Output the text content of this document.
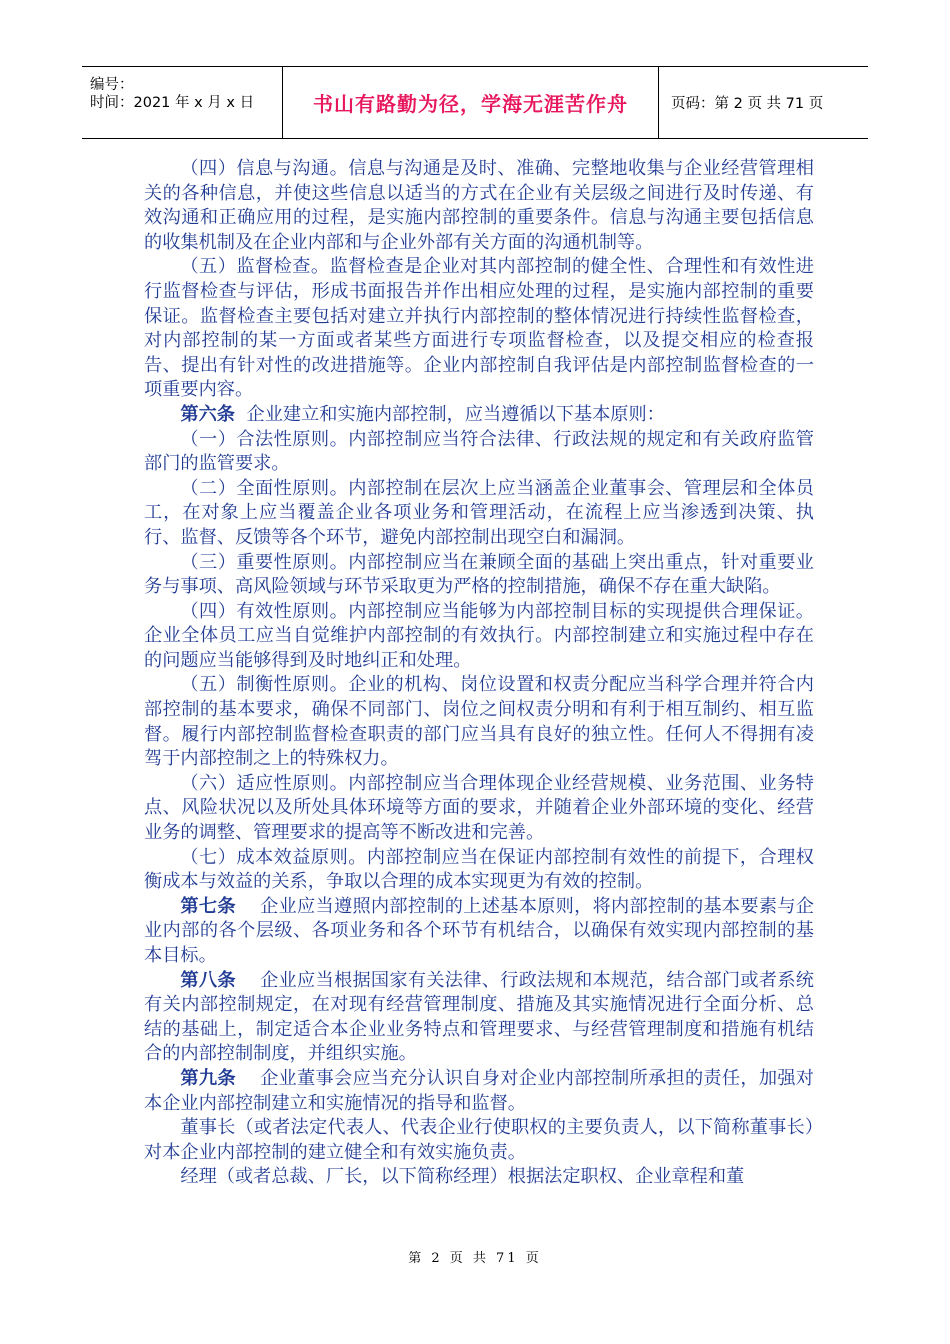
编号：
时间：2021 年 x 月 x 日	书山有路勤为径，学海无涯苦作舟	页码：第 2 页 共 71 页

（四）信息与沟通。信息与沟通是及时、准确、完整地收集与企业经营管理相关的各种信息，并使这些信息以适当的方式在企业有关层级之间进行及时传递、有效沟通和正确应用的过程，是实施内部控制的重要条件。信息与沟通主要包括信息的收集机制及在企业内部和与企业外部有关方面的沟通机制等。

（五）监督检查。监督检查是企业对其内部控制的健全性、合理性和有效性进行监督检查与评估，形成书面报告并作出相应处理的过程，是实施内部控制的重要保证。监督检查主要包括对建立并执行内部控制的整体情况进行持续性监督检查，对内部控制的某一方面或者某些方面进行专项监督检查，以及提交相应的检查报告、提出有针对性的改进措施等。企业内部控制自我评估是内部控制监督检查的一项重要内容。

第六条  企业建立和实施内部控制，应当遵循以下基本原则：

（一）合法性原则。内部控制应当符合法律、行政法规的规定和有关政府监管部门的监管要求。

（二）全面性原则。内部控制在层次上应当涵盖企业董事会、管理层和全体员工，在对象上应当覆盖企业各项业务和管理活动，在流程上应当渗透到决策、执行、监督、反馈等各个环节，避免内部控制出现空白和漏洞。

（三）重要性原则。内部控制应当在兼顾全面的基础上突出重点，针对重要业务与事项、高风险领域与环节采取更为严格的控制措施，确保不存在重大缺陷。

（四）有效性原则。内部控制应当能够为内部控制目标的实现提供合理保证。企业全体员工应当自觉维护内部控制的有效执行。内部控制建立和实施过程中存在的问题应当能够得到及时地纠正和处理。

（五）制衡性原则。企业的机构、岗位设置和权责分配应当科学合理并符合内部控制的基本要求，确保不同部门、岗位之间权责分明和有利于相互制约、相互监督。履行内部控制监督检查职责的部门应当具有良好的独立性。任何人不得拥有凌驾于内部控制之上的特殊权力。

（六）适应性原则。内部控制应当合理体现企业经营规模、业务范围、业务特点、风险状况以及所处具体环境等方面的要求，并随着企业外部环境的变化、经营业务的调整、管理要求的提高等不断改进和完善。

（七）成本效益原则。内部控制应当在保证内部控制有效性的前提下，合理权衡成本与效益的关系，争取以合理的成本实现更为有效的控制。

第七条    企业应当遵照内部控制的上述基本原则，将内部控制的基本要素与企业内部的各个层级、各项业务和各个环节有机结合，以确保有效实现内部控制的基本目标。

第八条    企业应当根据国家有关法律、行政法规和本规范，结合部门或者系统有关内部控制规定，在对现有经营管理制度、措施及其实施情况进行全面分析、总结的基础上，制定适合本企业业务特点和管理要求、与经营管理制度和措施有机结合的内部控制制度，并组织实施。

第九条    企业董事会应当充分认识自身对企业内部控制所承担的责任，加强对本企业内部控制建立和实施情况的指导和监督。

董事长（或者法定代表人、代表企业行使职权的主要负责人，以下简称董事长）对本企业内部控制的建立健全和有效实施负责。

经理（或者总裁、厂长，以下简称经理）根据法定职权、企业章程和董

第 2 页 共 71 页
